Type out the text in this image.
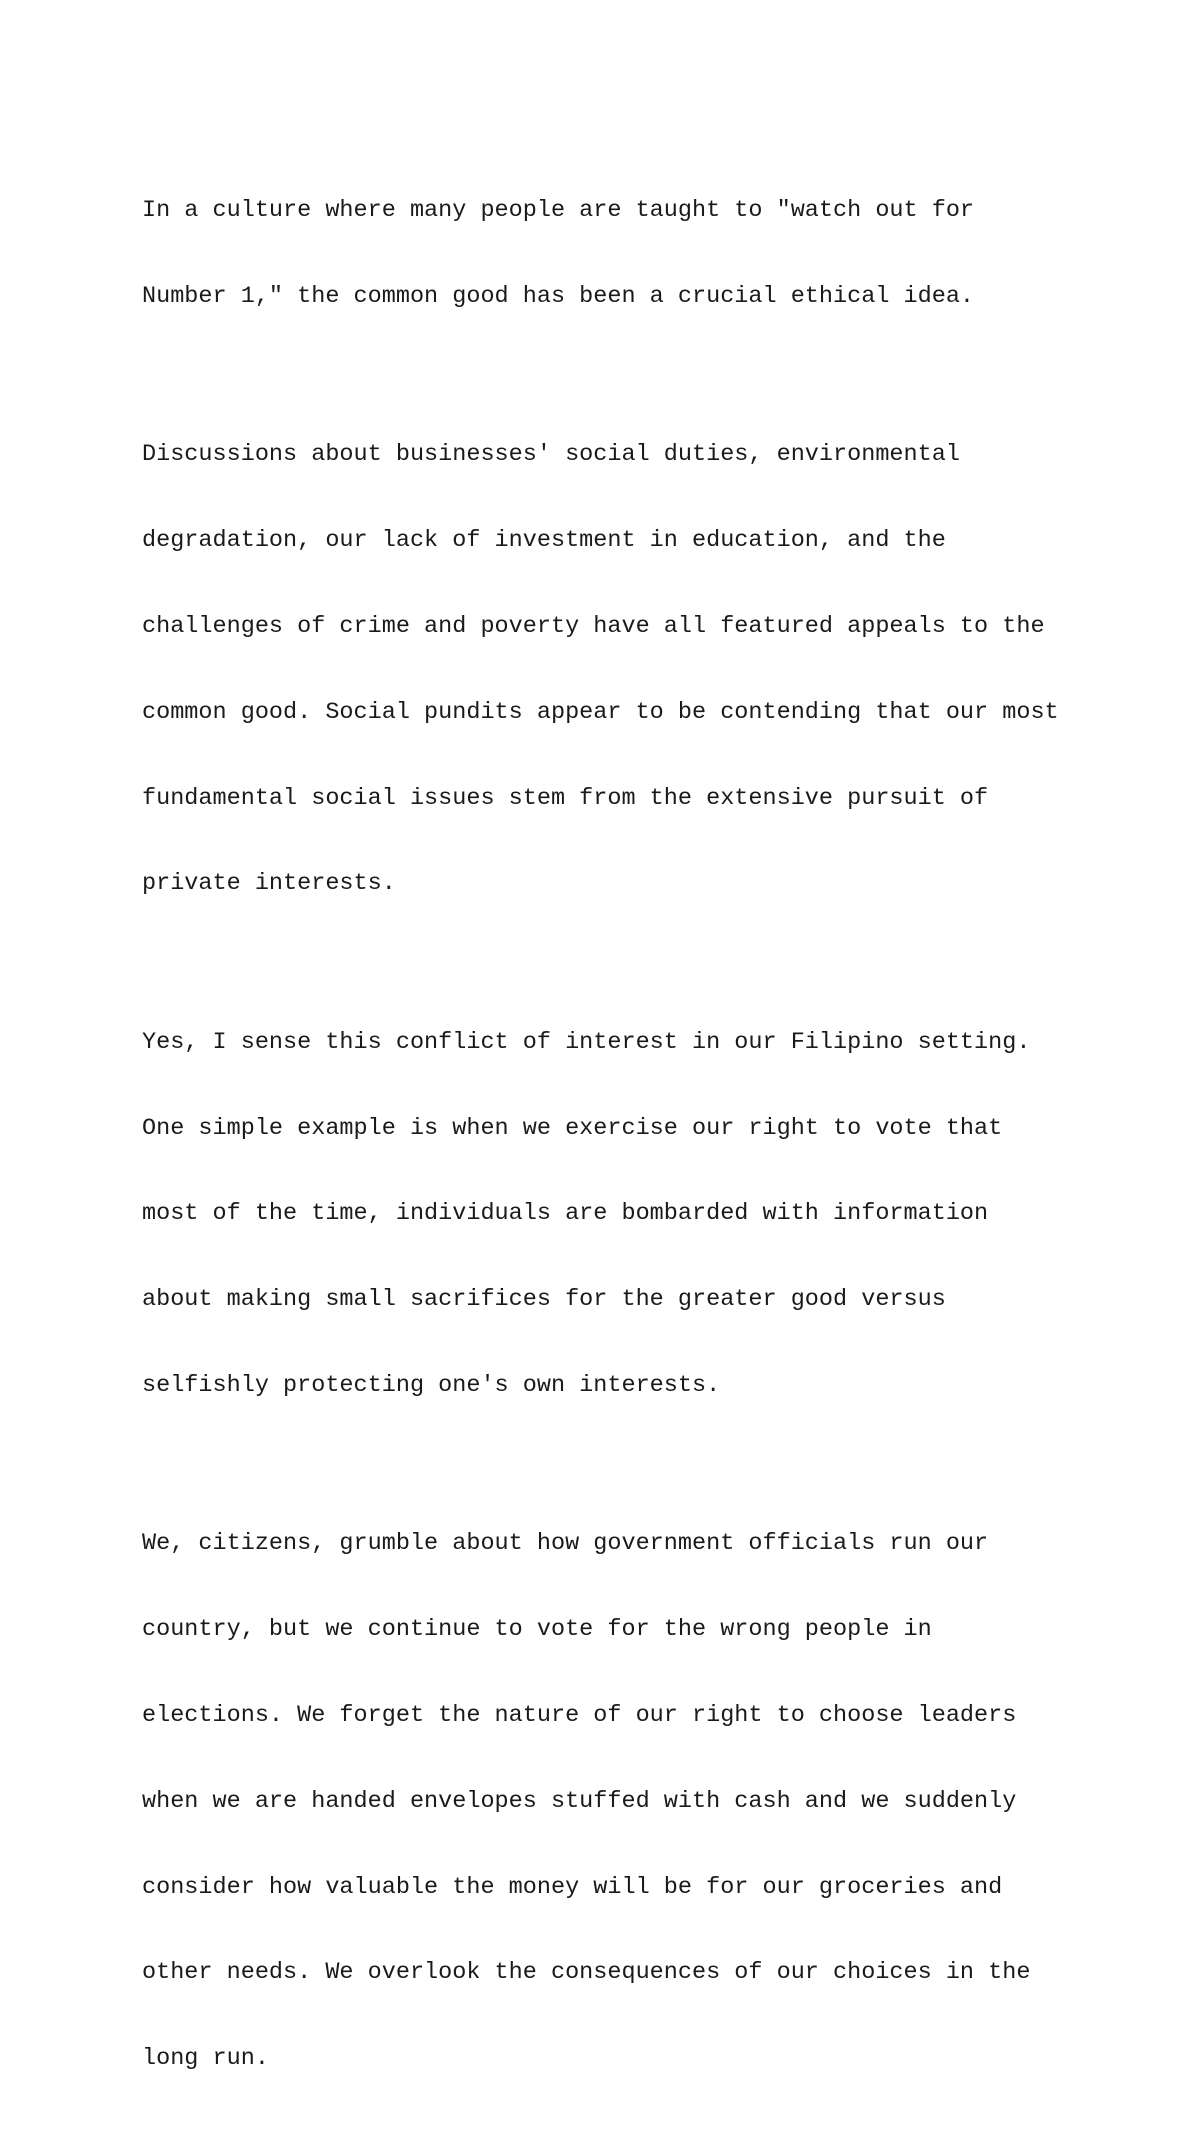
In a culture where many people are taught to "watch out for

Number 1," the common good has been a crucial ethical idea.

Discussions about businesses' social duties, environmental

degradation, our lack of investment in education, and the

challenges of crime and poverty have all featured appeals to the

common good. Social pundits appear to be contending that our most

fundamental social issues stem from the extensive pursuit of

private interests.

Yes, I sense this conflict of interest in our Filipino setting.

One simple example is when we exercise our right to vote that

most of the time, individuals are bombarded with information

about making small sacrifices for the greater good versus

selfishly protecting one's own interests.

We, citizens, grumble about how government officials run our

country, but we continue to vote for the wrong people in

elections. We forget the nature of our right to choose leaders

when we are handed envelopes stuffed with cash and we suddenly

consider how valuable the money will be for our groceries and

other needs. We overlook the consequences of our choices in the

long run.
